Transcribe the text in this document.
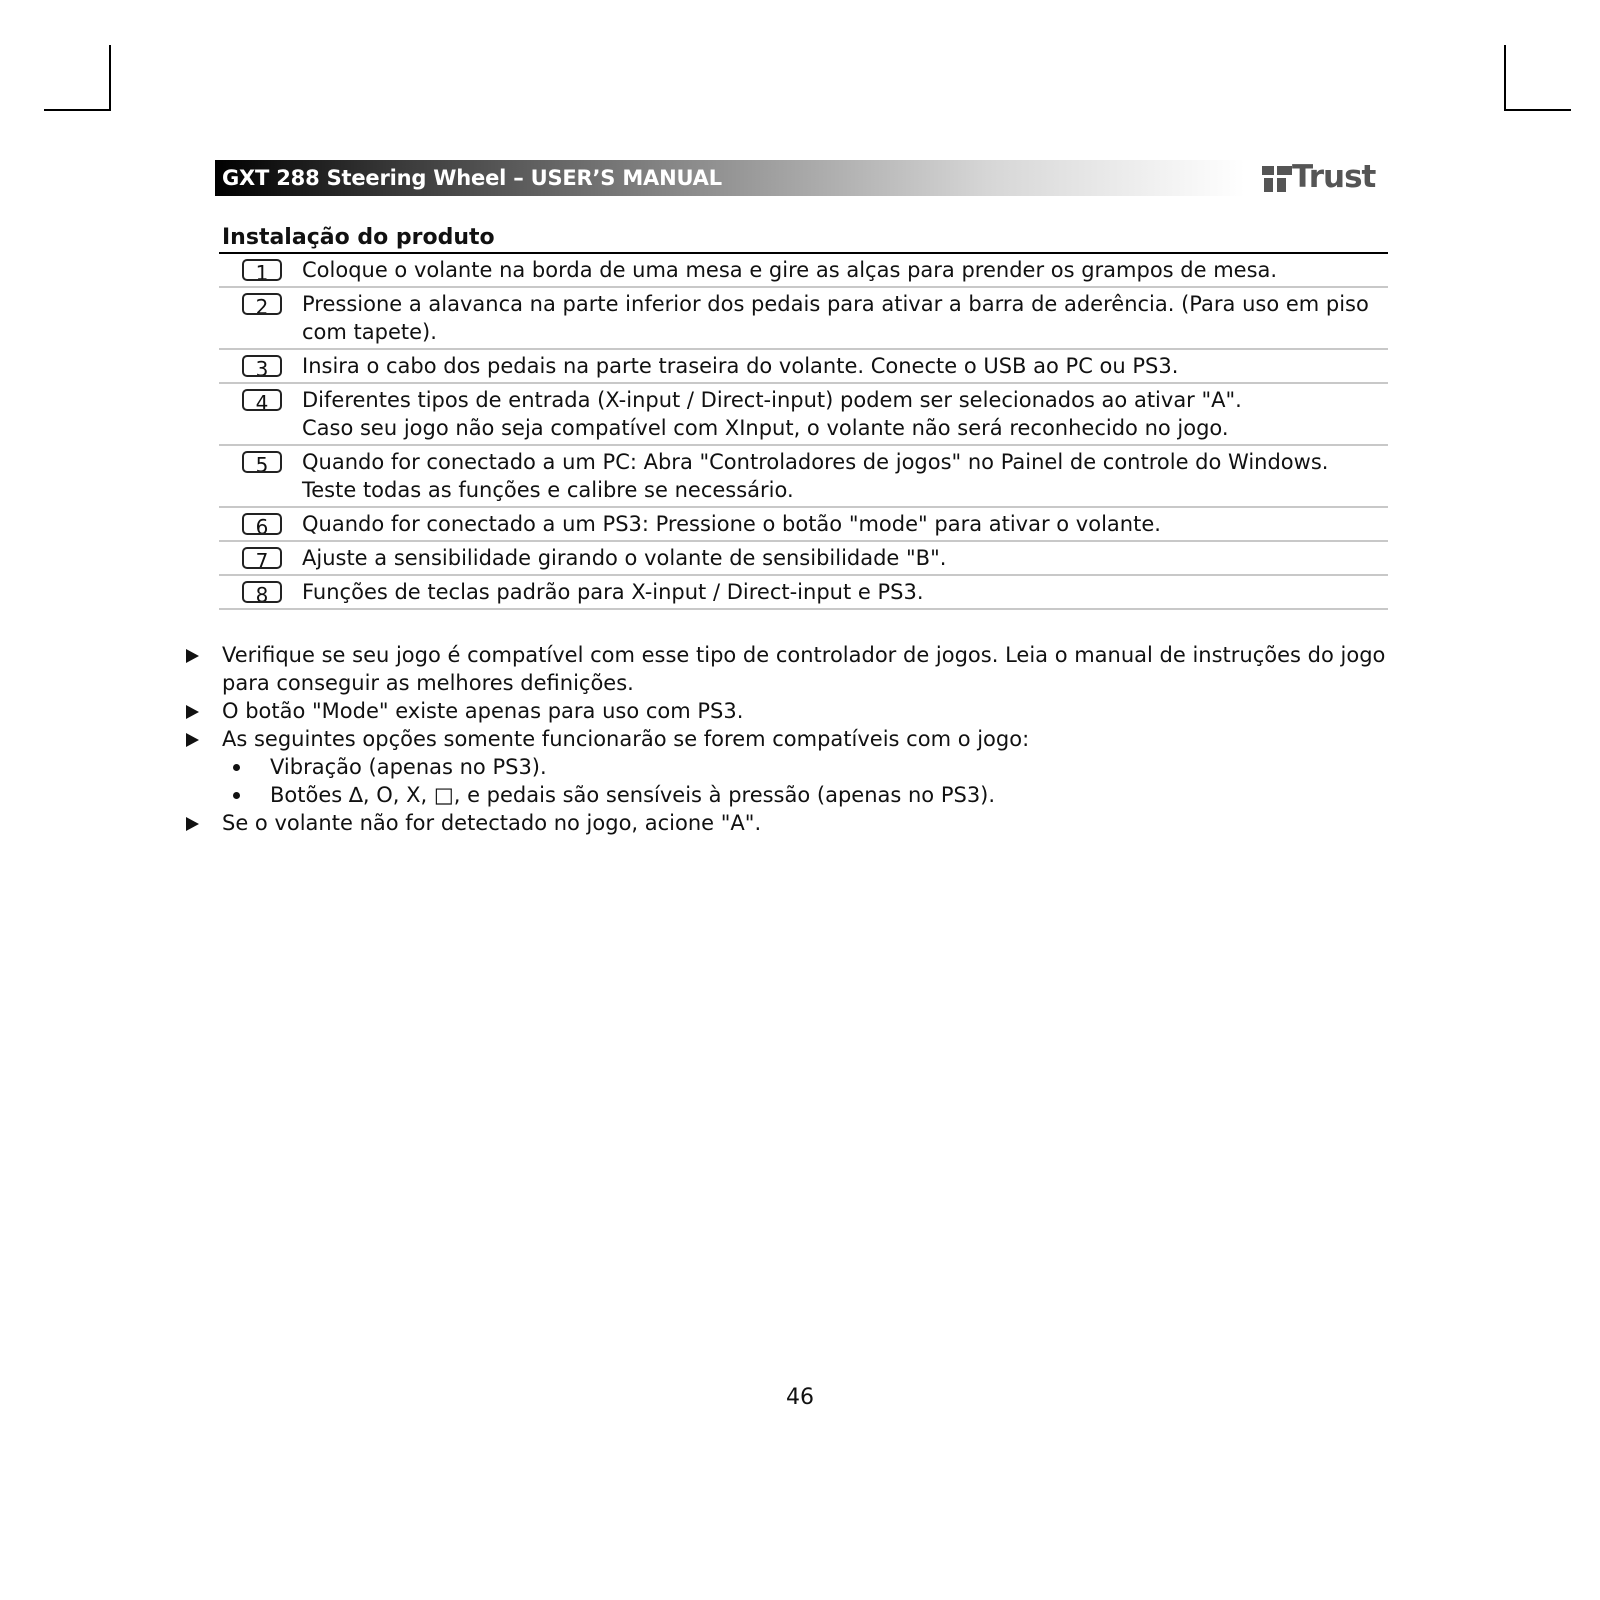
GXT 288 Steering Wheel – USER’S MANUAL	Trust
Instalação do produto
1	Coloque o volante na borda de uma mesa e gire as alças para prender os grampos de mesa.
2	Pressione a alavanca na parte inferior dos pedais para ativar a barra de aderência. (Para uso em piso com tapete).
3	Insira o cabo dos pedais na parte traseira do volante. Conecte o USB ao PC ou PS3.
4	Diferentes tipos de entrada (X-input / Direct-input) podem ser selecionados ao ativar "A".
Caso seu jogo não seja compatível com XInput, o volante não será reconhecido no jogo.
5	Quando for conectado a um PC: Abra "Controladores de jogos" no Painel de controle do Windows. Teste todas as funções e calibre se necessário.
6	Quando for conectado a um PS3: Pressione o botão "mode" para ativar o volante.
7	Ajuste a sensibilidade girando o volante de sensibilidade "B".
8	Funções de teclas padrão para X-input / Direct-input e PS3.
Verifique se seu jogo é compatível com esse tipo de controlador de jogos. Leia o manual de instruções do jogo para conseguir as melhores definições.
O botão "Mode" existe apenas para uso com PS3.
As seguintes opções somente funcionarão se forem compatíveis com o jogo:
Vibração (apenas no PS3).
Botões ∆, O, X, □, e pedais são sensíveis à pressão (apenas no PS3).
Se o volante não for detectado no jogo, acione "A".
46
